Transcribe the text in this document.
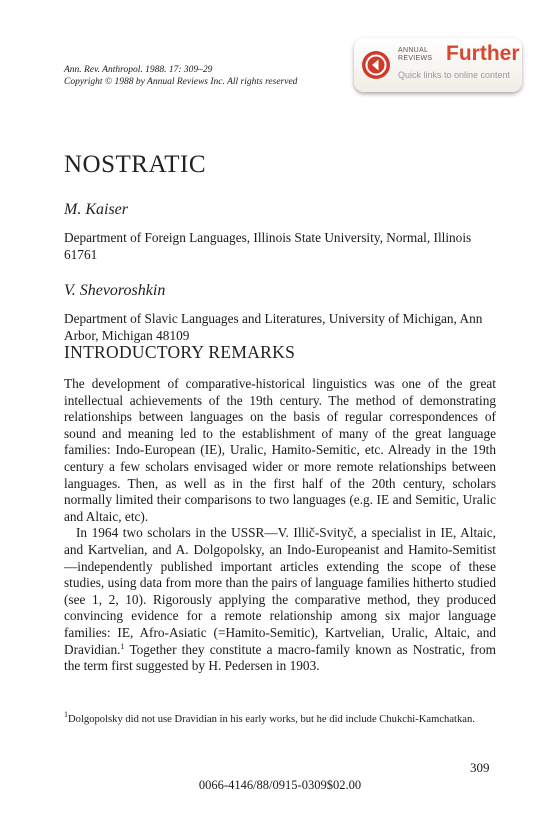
Ann. Rev. Anthropol. 1988. 17: 309–29
Copyright © 1988 by Annual Reviews Inc. All rights reserved
ANNUAL
REVIEWS Further
Quick links to online content
NOSTRATIC
M. Kaiser
Department of Foreign Languages, Illinois State University, Normal, Illinois 61761
V. Shevoroshkin
Department of Slavic Languages and Literatures, University of Michigan, Ann Arbor, Michigan 48109
INTRODUCTORY REMARKS

The development of comparative-historical linguistics was one of the great intellectual achievements of the 19th century. The method of demonstrating relationships between languages on the basis of regular correspondences of sound and meaning led to the establishment of many of the great language families: Indo-European (IE), Uralic, Hamito-Semitic, etc. Already in the 19th century a few scholars envisaged wider or more remote relationships between languages. Then, as well as in the first half of the 20th century, scholars normally limited their comparisons to two languages (e.g. IE and Semitic, Uralic and Altaic, etc).

In 1964 two scholars in the USSR—V. Illič-Svityč, a specialist in IE, Altaic, and Kartvelian, and A. Dolgopolsky, an Indo-Europeanist and Hamito-Semitist—independently published important articles extending the scope of these studies, using data from more than the pairs of language families hitherto studied (see 1, 2, 10). Rigorously applying the comparative method, they produced convincing evidence for a remote relationship among six major language families: IE, Afro-Asiatic (=Hamito-Semitic), Kartvelian, Uralic, Altaic, and Dravidian.$^1$ Together they constitute a macro-family known as Nostratic, from the term first suggested by H. Pedersen in 1903.

$^1$Dolgopolsky did not use Dravidian in his early works, but he did include Chukchi-Kamchatkan.
309
0066-4146/88/0915-0309$02.00
